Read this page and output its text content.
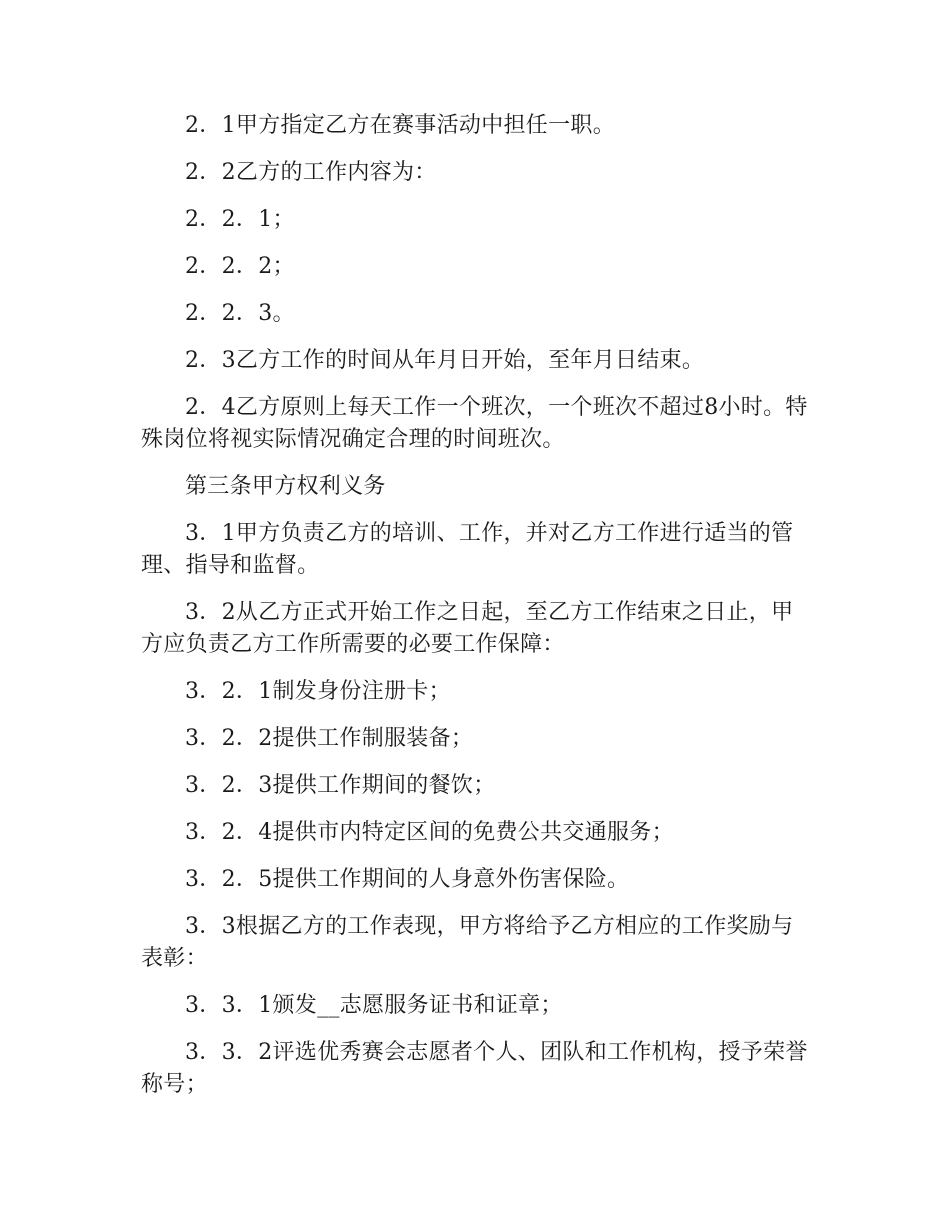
2．1甲方指定乙方在赛事活动中担任一职。

2．2乙方的工作内容为：

2．2．1；

2．2．2；

2．2．3。

2．3乙方工作的时间从年月日开始，至年月日结束。

2．4乙方原则上每天工作一个班次，一个班次不超过8小时。特殊岗位将视实际情况确定合理的时间班次。

第三条甲方权利义务

3．1甲方负责乙方的培训、工作，并对乙方工作进行适当的管理、指导和监督。

3．2从乙方正式开始工作之日起，至乙方工作结束之日止，甲方应负责乙方工作所需要的必要工作保障：

3．2．1制发身份注册卡；

3．2．2提供工作制服装备；

3．2．3提供工作期间的餐饮；

3．2．4提供市内特定区间的免费公共交通服务；

3．2．5提供工作期间的人身意外伤害保险。

3．3根据乙方的工作表现，甲方将给予乙方相应的工作奖励与表彰：

3．3．1颁发__志愿服务证书和证章；

3．3．2评选优秀赛会志愿者个人、团队和工作机构，授予荣誉称号；
